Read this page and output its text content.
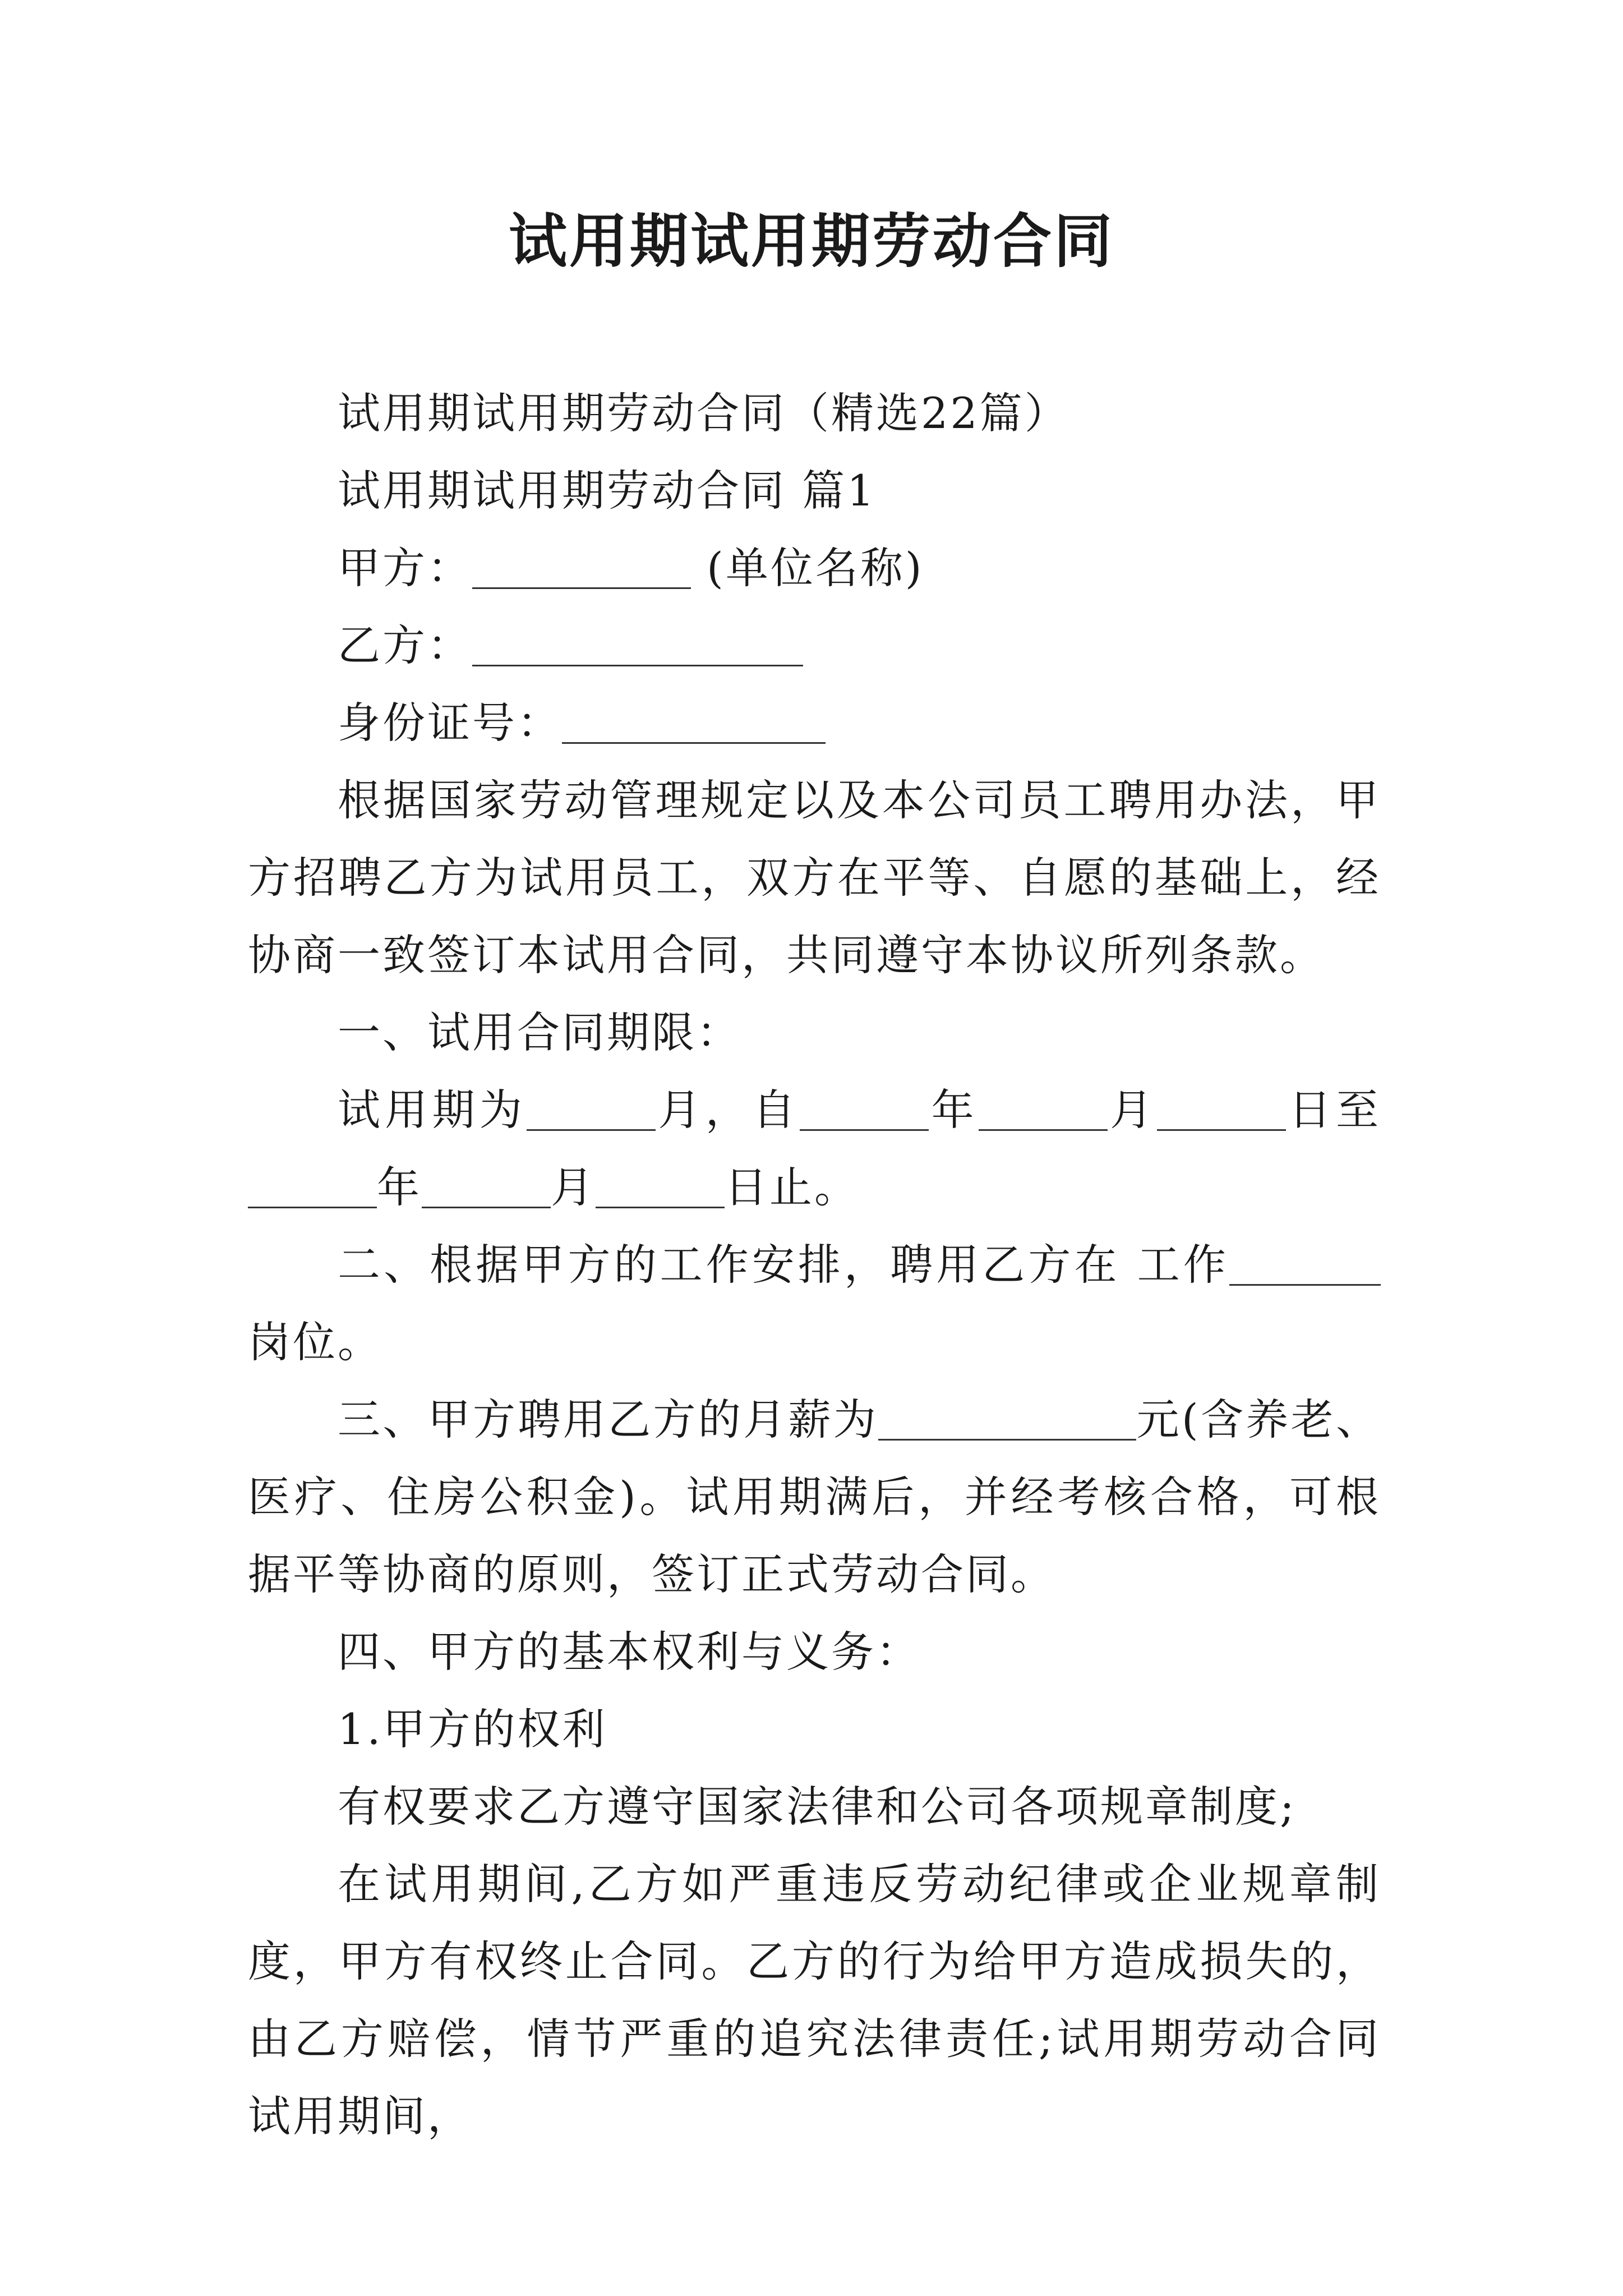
试用期试用期劳动合同

试用期试用期劳动合同（精选22篇）

试用期试用期劳动合同 篇1

甲方：	(单位名称)

乙方：

身份证号：

根据国家劳动管理规定以及本公司员工聘用办法，甲方招聘乙方为试用员工，双方在平等、自愿的基础上，经协商一致签订本试用合同，共同遵守本协议所列条款。

一、试用合同期限：

试用期为	月，自	年	月	日至年	月	日止。

二、根据甲方的工作安排，聘用乙方在 工作岗位。

三、甲方聘用乙方的月薪为	元(含养老、医疗、住房公积金)。试用期满后，并经考核合格，可根据平等协商的原则，签订正式劳动合同。

四、甲方的基本权利与义务：

1.甲方的权利

有权要求乙方遵守国家法律和公司各项规章制度;

在试用期间,乙方如严重违反劳动纪律或企业规章制度，甲方有权终止合同。乙方的行为给甲方造成损失的，由乙方赔偿，情节严重的追究法律责任;试用期劳动合同试用期间，
